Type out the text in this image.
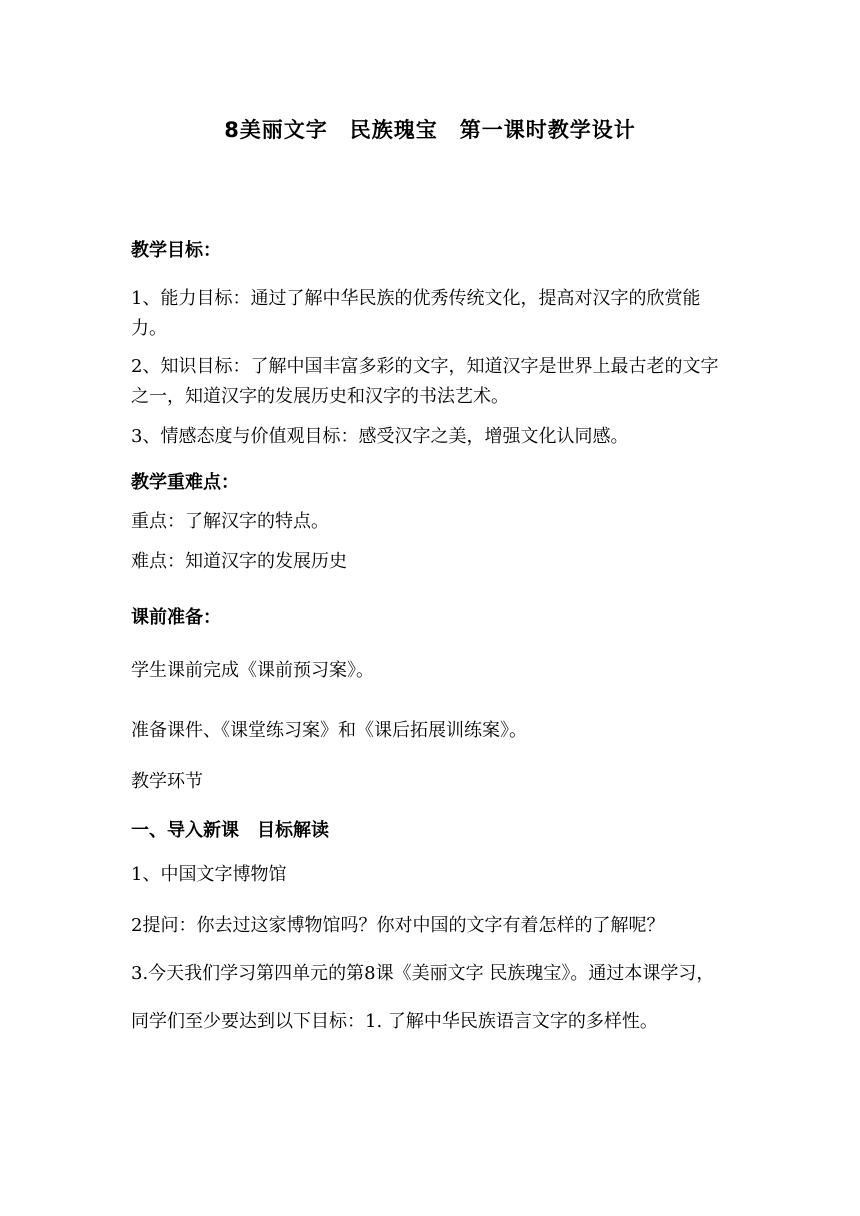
8美丽文字　民族瑰宝　第一课时教学设计
教学目标：
1、能力目标：通过了解中华民族的优秀传统文化，提高对汉字的欣赏能力。
2、知识目标：了解中国丰富多彩的文字，知道汉字是世界上最古老的文字之一，知道汉字的发展历史和汉字的书法艺术。
3、情感态度与价值观目标：感受汉字之美，增强文化认同感。
教学重难点：
重点：了解汉字的特点。
难点：知道汉字的发展历史
课前准备：
学生课前完成《课前预习案》。
准备课件、《课堂练习案》和《课后拓展训练案》。
教学环节
一、导入新课　目标解读
1、中国文字博物馆
2提问：你去过这家博物馆吗？你对中国的文字有着怎样的了解呢？
3.今天我们学习第四单元的第8课《美丽文字 民族瑰宝》。通过本课学习，同学们至少要达到以下目标：1. 了解中华民族语言文字的多样性。
